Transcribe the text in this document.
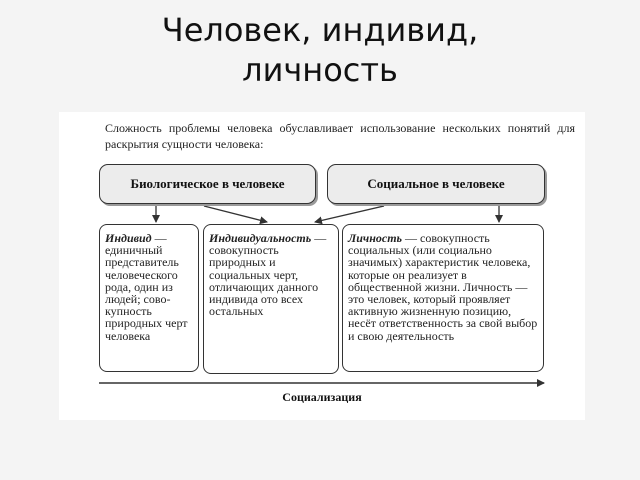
Человек, индивид,
личность
Сложность проблемы человека обуславливает использование нескольких понятий для раскрытия сущности человека:
Биологическое в человеке	Социальное в человеке
Индивид — единичный представитель человеческого рода, один из людей; сово-купность природных черт человека
Индивидуальность — совокупность природных и социальных черт, отличающих данного индивида ото всех остальных
Личность — совокупность социальных (или социально значимых) характеристик человека, которые он реализует в общественной жизни. Личность — это человек, который проявляет активную жизненную позицию, несёт ответственность за свой выбор и свою деятельность
Социализация
